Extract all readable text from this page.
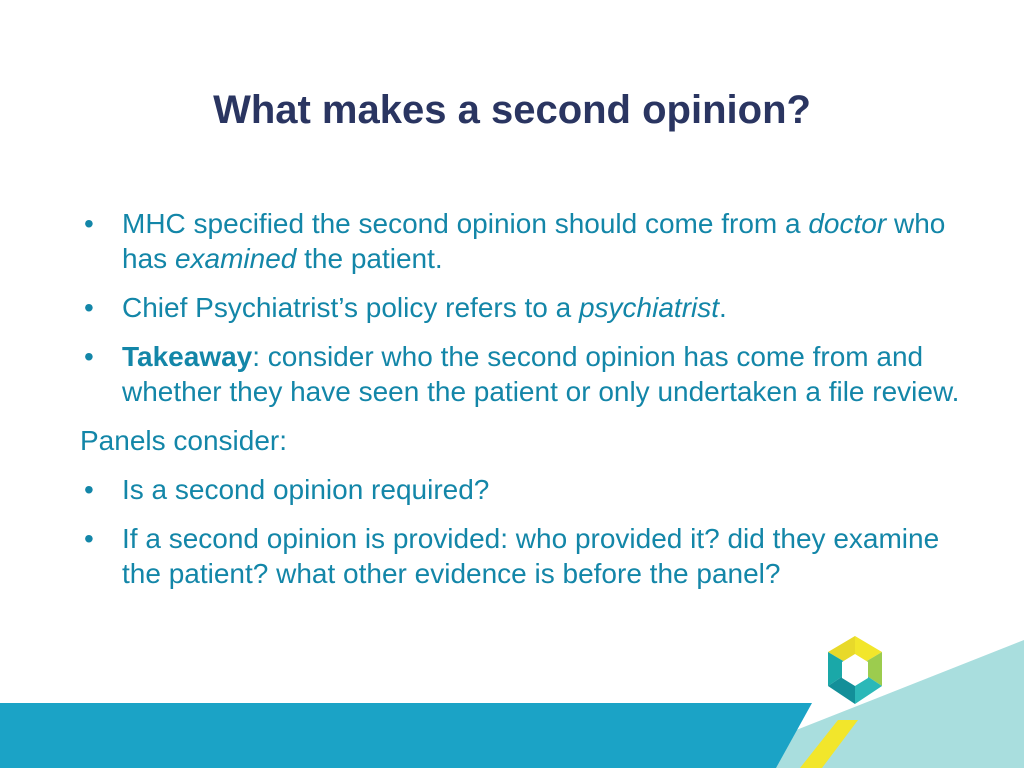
What makes a second opinion?
• MHC specified the second opinion should come from a doctor who has examined the patient.
• Chief Psychiatrist’s policy refers to a psychiatrist.
• Takeaway: consider who the second opinion has come from and whether they have seen the patient or only undertaken a file review.
Panels consider:
• Is a second opinion required?
• If a second opinion is provided: who provided it? did they examine the patient? what other evidence is before the panel?
